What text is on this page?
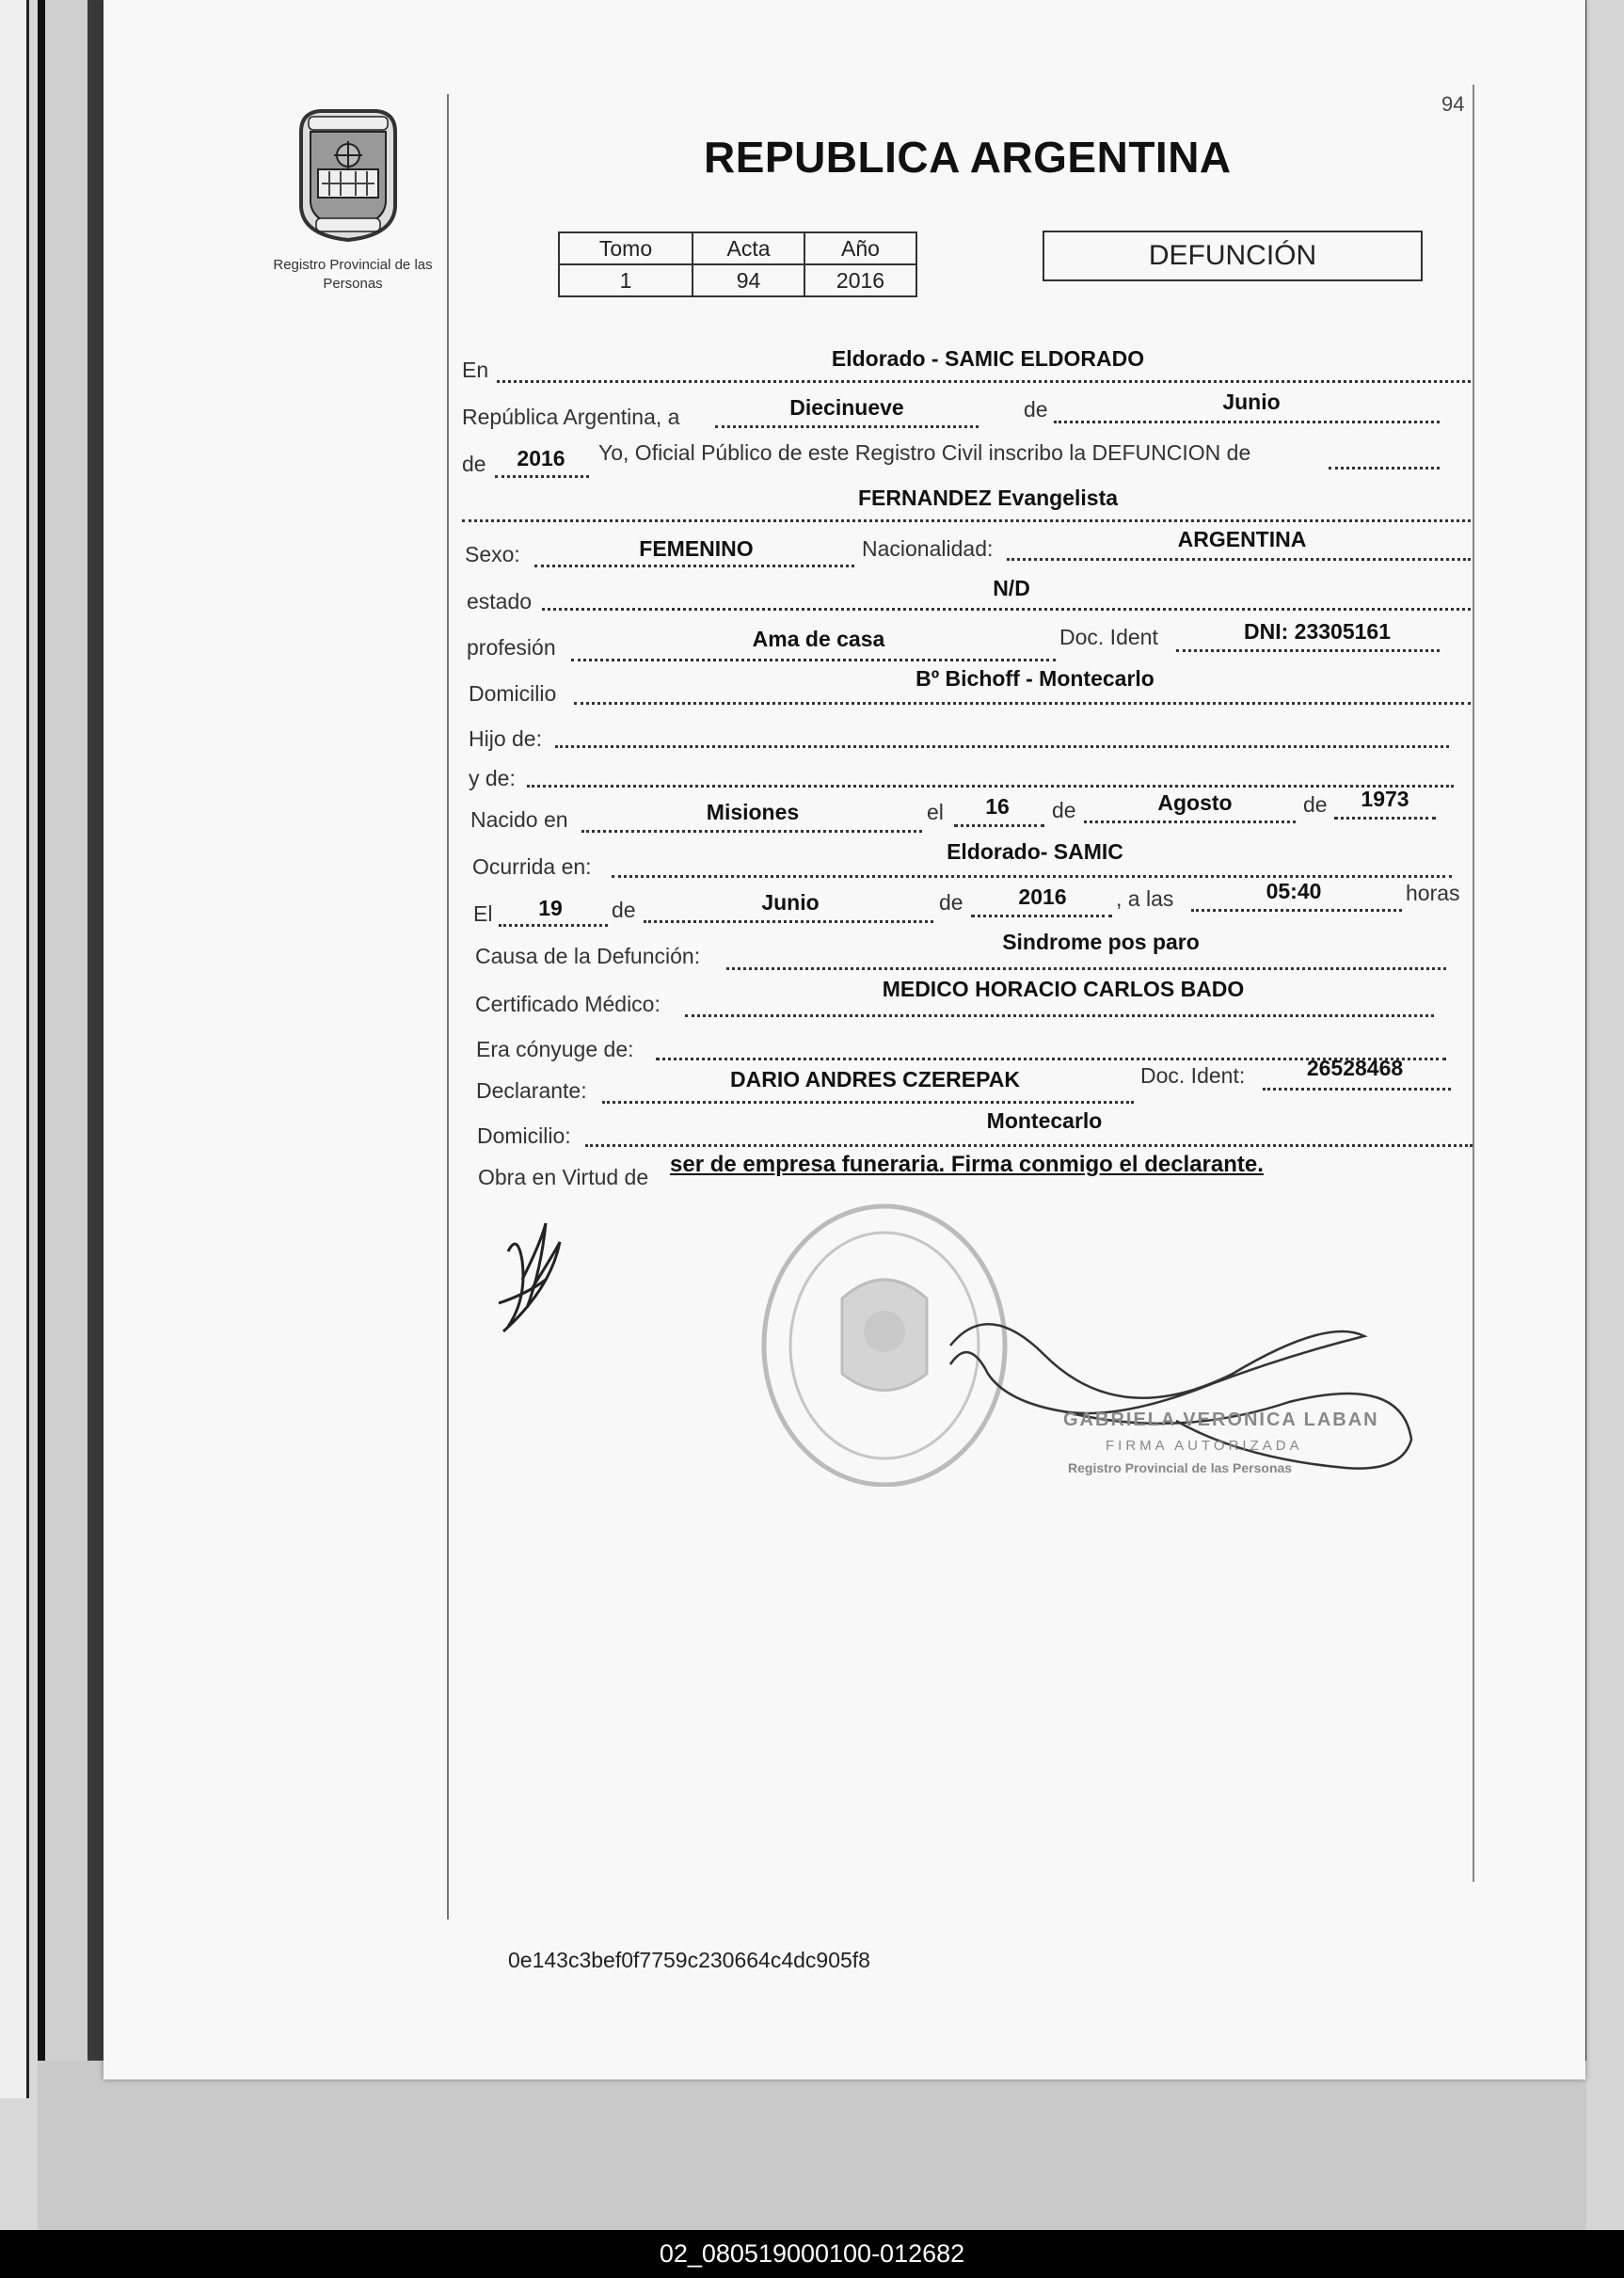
94
Registro Provincial de las Personas
REPUBLICA ARGENTINA
Tomo	Acta	Año
1	94	2016
DEFUNCIÓN
En	Eldorado - SAMIC ELDORADO
República Argentina, a	Diecinueve	de	Junio
de	2016	Yo, Oficial Público de este Registro Civil inscribo la DEFUNCION de
FERNANDEZ Evangelista
Sexo:	FEMENINO	Nacionalidad:	ARGENTINA
estado
N/D
profesión	Ama de casa	Doc. Ident	DNI: 23305161
Domicilio
Bº Bichoff - Montecarlo
Hijo de:
y de:
Nacido en	Misiones	el	16	de	Agosto	de	1973
Ocurrida en:
Eldorado- SAMIC
El	19	de	Junio	de	2016	, a las	05:40	horas
Causa de la Defunción:
Sindrome pos paro
Certificado Médico:
MEDICO HORACIO CARLOS BADO
Era cónyuge de:
Declarante:	DARIO ANDRES CZEREPAK	Doc. Ident:	26528468
Domicilio:
Montecarlo
Obra en Virtud de ser de empresa funeraria. Firma conmigo el declarante.
GABRIELA VERONICA LABAN
FIRMA AUTORIZADA
Registro Provincial de las Personas
0e143c3bef0f7759c230664c4dc905f8
02_080519000100-012682
